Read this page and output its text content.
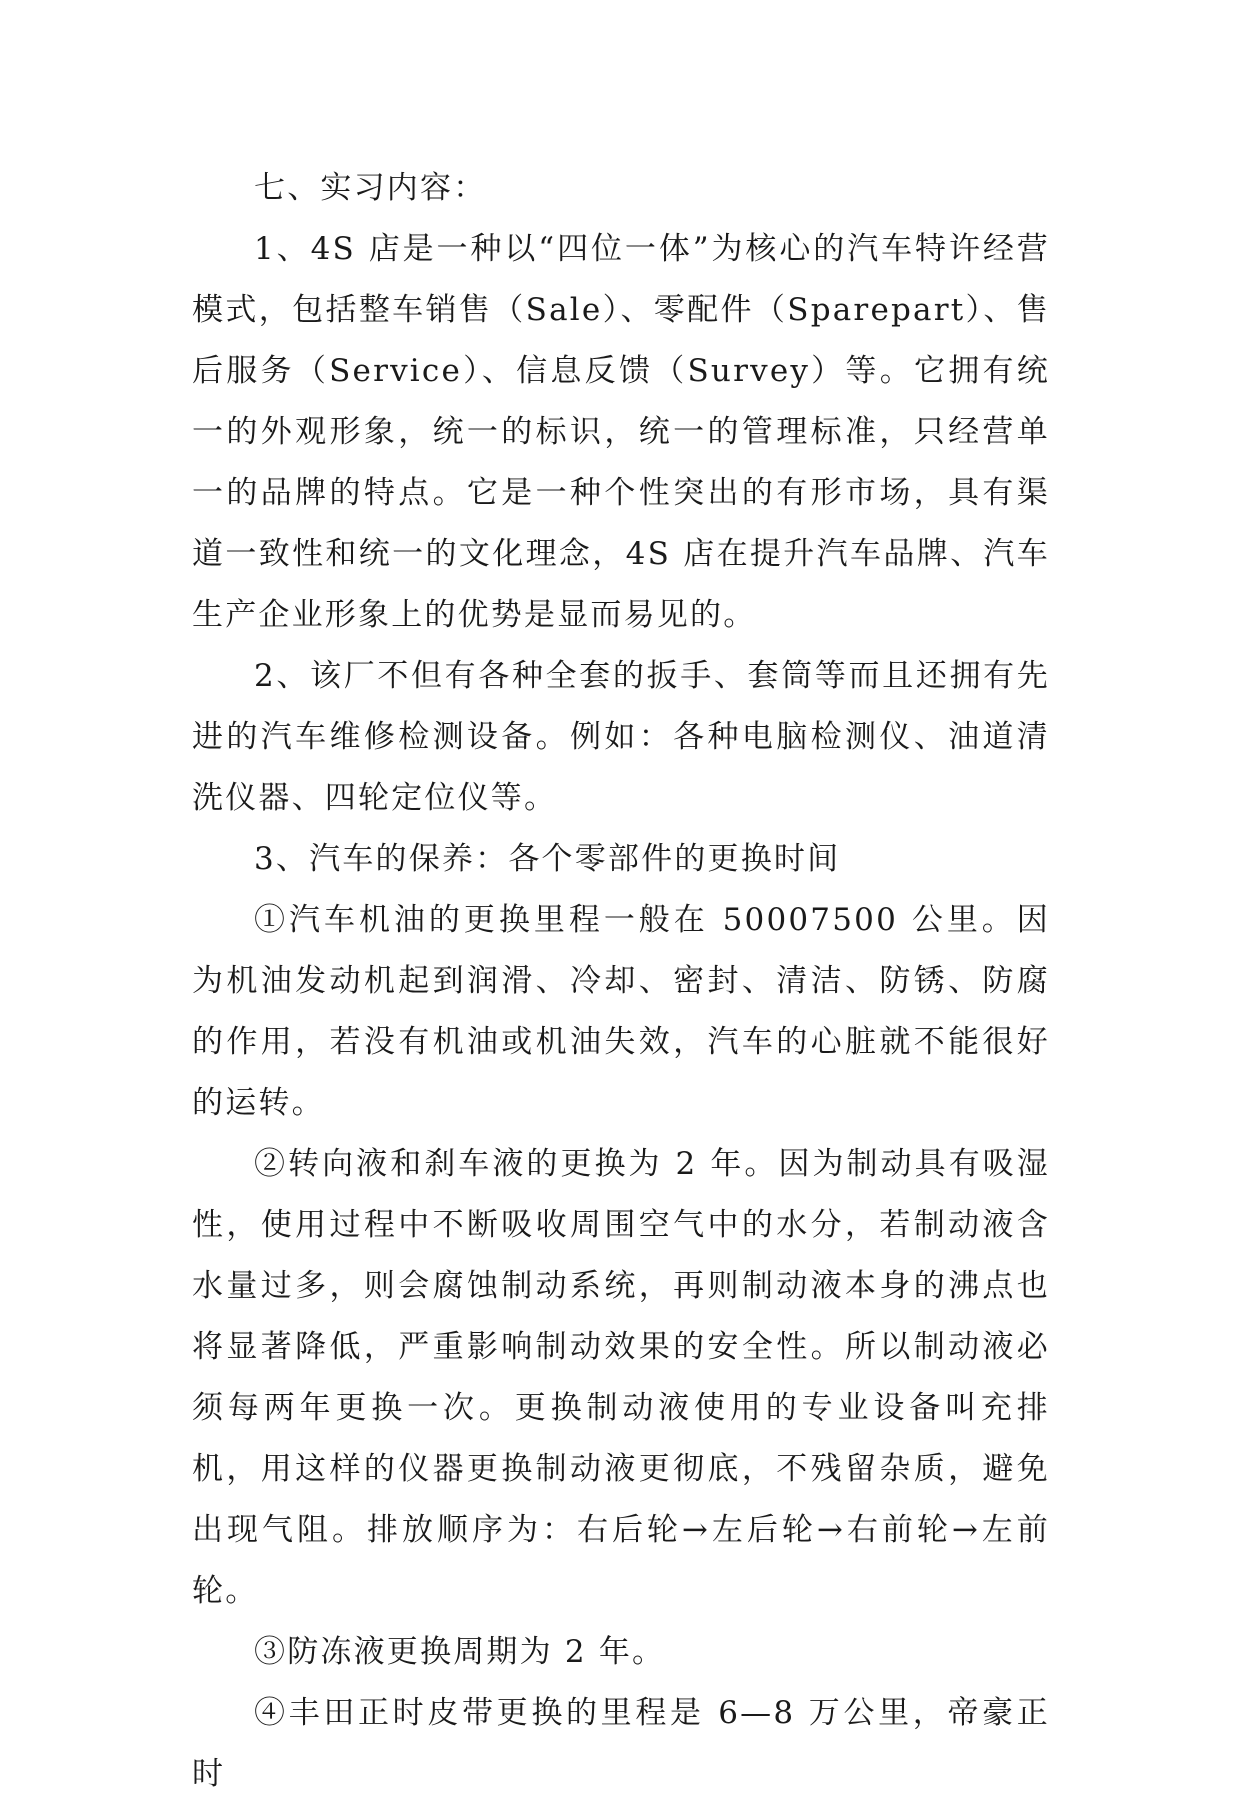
七、实习内容：

1、4S 店是一种以“四位一体”为核心的汽车特许经营模式，包括整车销售（Sale）、零配件（Sparepart）、售后服务（Service）、信息反馈（Survey）等。它拥有统一的外观形象，统一的标识，统一的管理标准，只经营单一的品牌的特点。它是一种个性突出的有形市场，具有渠道一致性和统一的文化理念，4S 店在提升汽车品牌、汽车生产企业形象上的优势是显而易见的。

2、该厂不但有各种全套的扳手、套筒等而且还拥有先进的汽车维修检测设备。例如：各种电脑检测仪、油道清洗仪器、四轮定位仪等。

3、汽车的保养：各个零部件的更换时间

①汽车机油的更换里程一般在 50007500 公里。因为机油发动机起到润滑、冷却、密封、清洁、防锈、防腐的作用，若没有机油或机油失效，汽车的心脏就不能很好的运转。

②转向液和刹车液的更换为 2 年。因为制动具有吸湿性，使用过程中不断吸收周围空气中的水分，若制动液含水量过多，则会腐蚀制动系统，再则制动液本身的沸点也将显著降低，严重影响制动效果的安全性。所以制动液必须每两年更换一次。更换制动液使用的专业设备叫充排机，用这样的仪器更换制动液更彻底，不残留杂质，避免出现气阻。排放顺序为：右后轮→左后轮→右前轮→左前轮。

③防冻液更换周期为 2 年。

④丰田正时皮带更换的里程是 6—8 万公里，帝豪正时
